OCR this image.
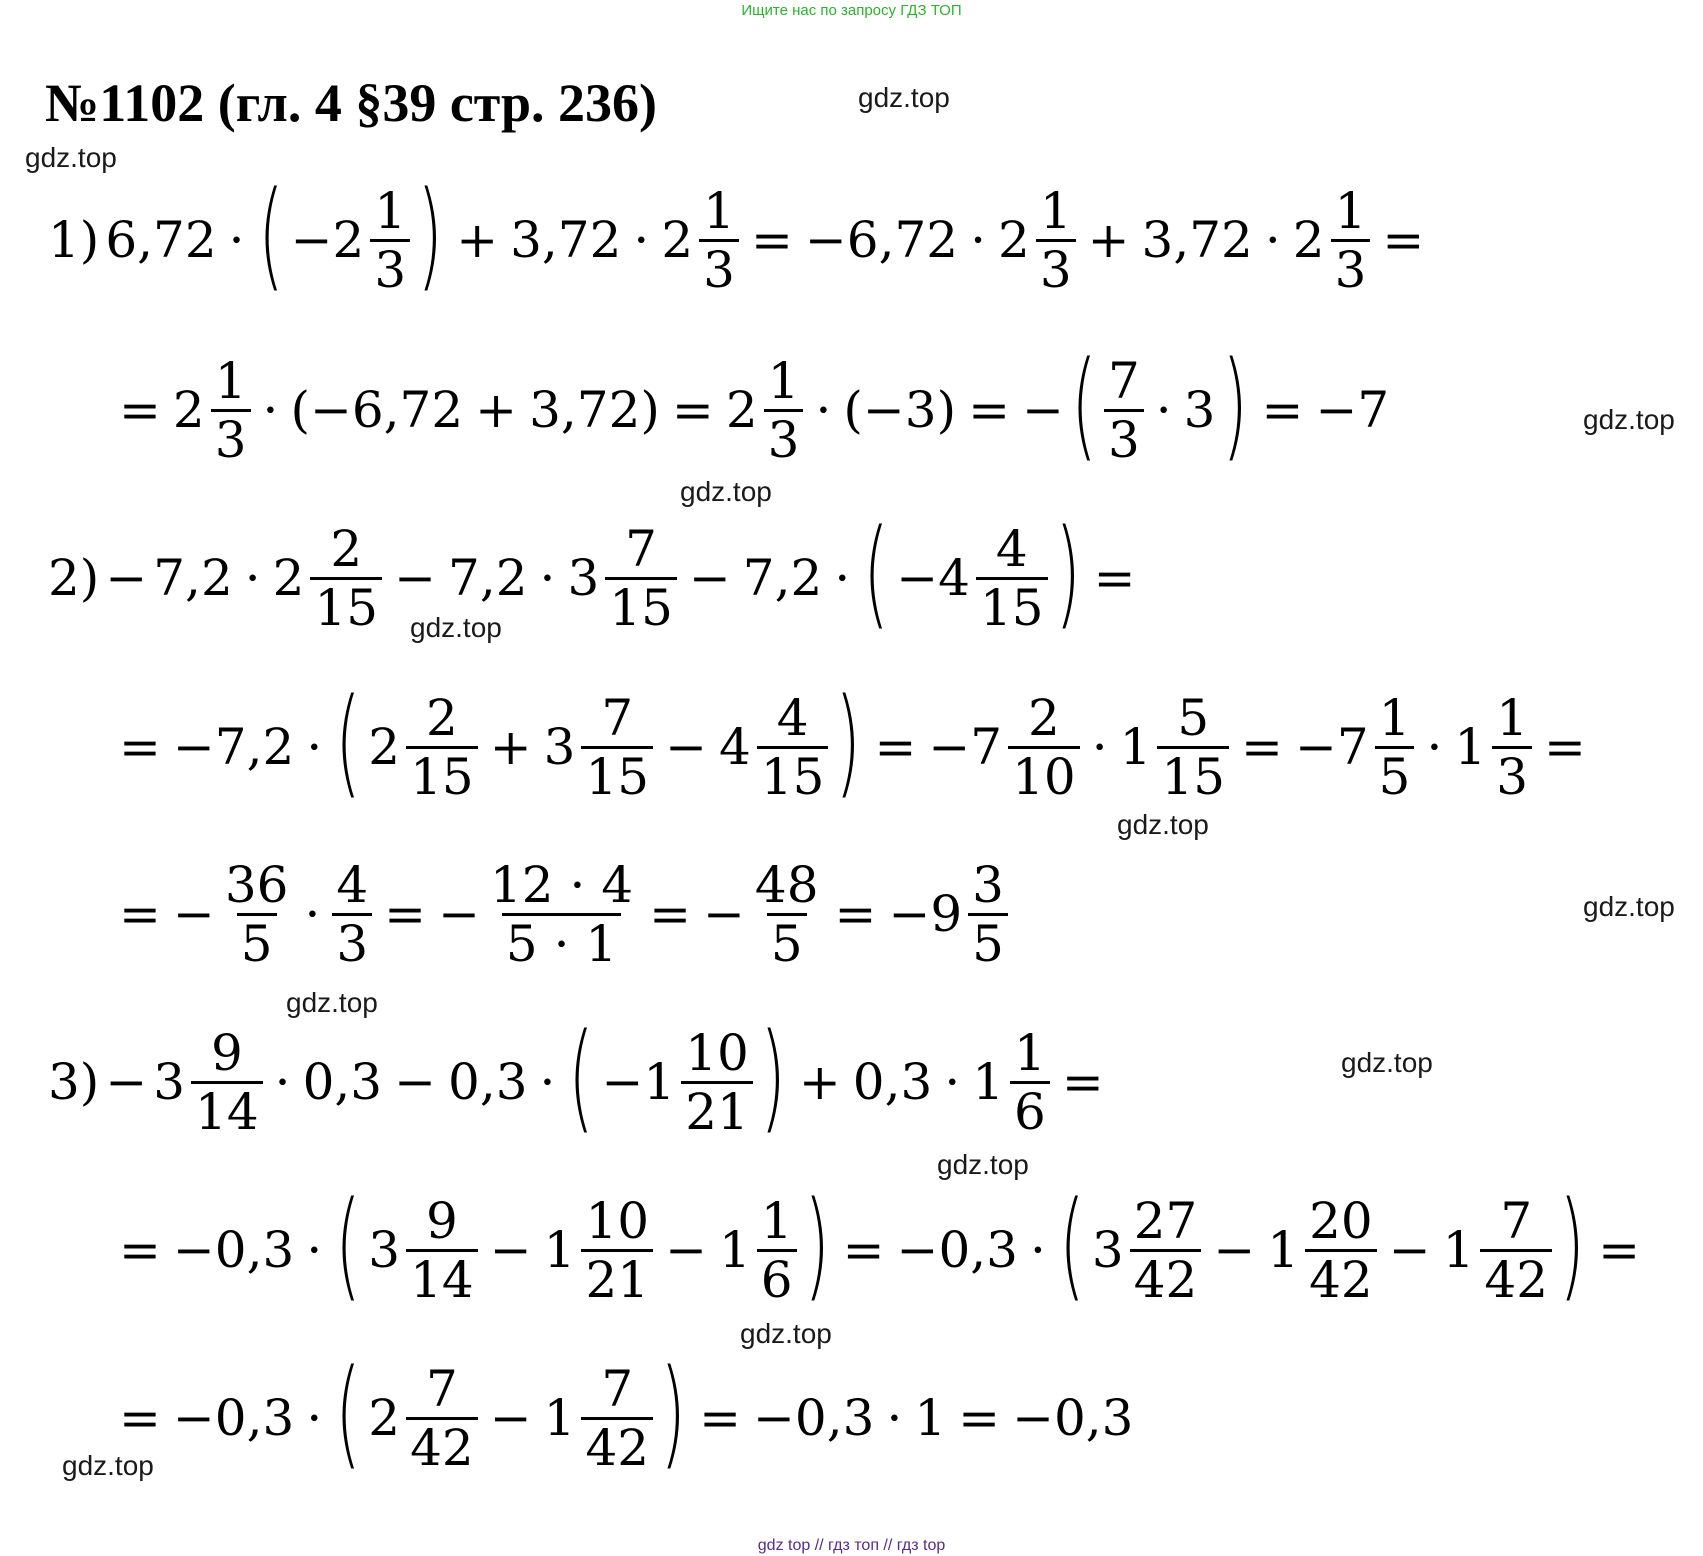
Ищите нас по запросу ГДЗ ТОП
№1102 (гл. 4 §39 стр. 236)	gdz.top
gdz.top
gdz.top
gdz.top
gdz.top
gdz.top
gdz.top
gdz.top
gdz.top
gdz.top
gdz.top
gdz.top
1) 6,72 · ( $-2 \frac{1}{3}$ ) + $3,72 \cdot 2 \frac{1}{3} = -6,72 \cdot 2 \frac{1}{3} + 3,72 \cdot 2 \frac{1}{3}$ =
= $2 \frac{1}{3} \cdot (-6,72 + 3,72) = 2 \frac{1}{3} \cdot (-3)$ = − ( $\frac{7}{3} \cdot 3$ ) = −7
$2) - 7,2 \cdot 2 \frac{2}{15} - 7,2 \cdot 3 \frac{7}{15} - 7,2$ · ( $-4 \frac{4}{15}$ ) =
= −7,2 · ( $2 \frac{2}{15} + 3 \frac{7}{15} - 4 \frac{4}{15}$ ) = $-7 \frac{2}{10} \cdot 1 \frac{5}{15} = -7 \frac{1}{5} \cdot 1 \frac{1}{3}$ =
= − $\frac{36}{5} \cdot \frac{4}{3}$ = − $\frac{12 \cdot 4}{5 \cdot 1}$ = − $\frac{48}{5} = -9 \frac{3}{5}$
$3) - 3 \frac{9}{14} \cdot 0,3 - 0,3$ · ( $-1 \frac{10}{21}$ ) + $0,3 \cdot 1 \frac{1}{6}$ =
= −0,3 · ( $3 \frac{9}{14} - 1 \frac{10}{21} - 1 \frac{1}{6}$ ) = −0,3 · ( $3 \frac{27}{42} - 1 \frac{20}{42} - 1 \frac{7}{42}$ ) =
= −0,3 · ( $2 \frac{7}{42} - 1 \frac{7}{42}$ ) = −0,3 · 1 = −0,3
gdz top // гдз топ // гдз top
